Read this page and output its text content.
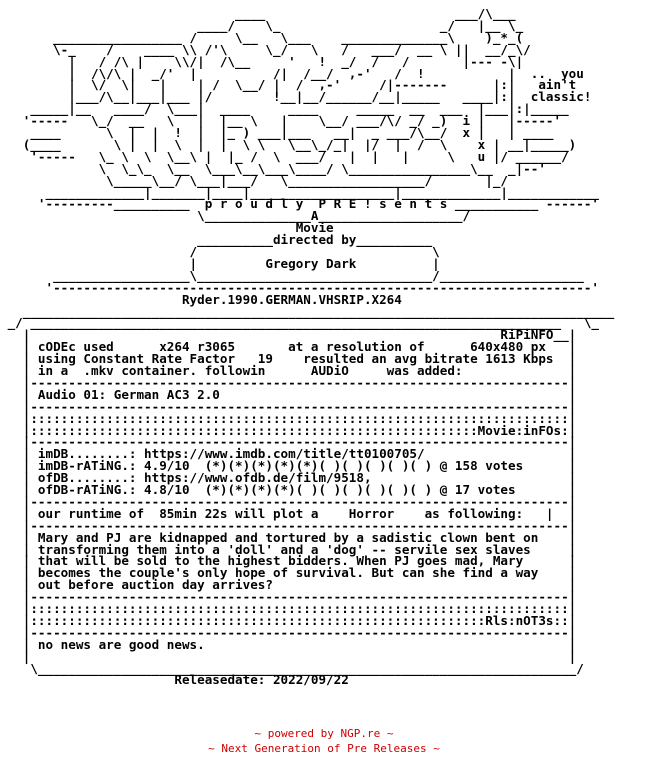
____                         ___/\___
____/    \_                     _/   |__ \_
_________________ /     \__   \___    ______________\    )_*_(
\-_    /    ____ \\ /'\     \_/   \   /   ___/  __ \ ||  __/_\/
|   / /\ |    \\/|  /\__     '   !  _/  /   /       |--- -\|
|  /\/\ |  _/'  |          /|  /__/  ,-'   /  !           |  ..  you
|  \/  \|   |    | /  \__/ |  /  ,-'     /|-------      |:|   ain't
|___/\__|___|___ |/        !__|__/______/__|_____   ____|:|  classic!
_____|__   ____/  \___|  ____     ____     _____  __  ___  |___|:|_____
'-----   \_/  __   \   |  |__ \   |    \__/ ___/\/ _/ _)  i |   |-----'
____      \  |  |  !  |  |_ ) ___|___   __|  _ ___/\__/  x |   | ____
(____       \ |  |  \  |  |  \ \   \__\_/_|  |/  |  /  \    x | __|_____)
'-----   \_ \  \  \__\ |  |_ /  \  ___/   |  |   |     \   u |/ ______/
\  \_\_  \__  \___\__\___\____/ \________________\__  _|--'
\_____\__/ \___|___/   \__________________/       |_/
_____________|_______|____|___________________|_____________|____________
'---------__________  p r o u d l y  P R E ! s e n t s ___________ ------'
\______________A___________________/
Movie
__________directed by__________
/                               \
|         Gregory Dark          |
__________________\_______________________________/___________________
'-----------------------------------------------------------------------'
Ryder.1990.GERMAN.VHSRIP.X264
______________________________________________________________________________
_/ ______________________________________________________________________   \_
|                                                              RiPiNFO__|
| cODEc used      x264 r3065       at a resolution of      640x480 px   |
| using Constant Rate Factor   19    resulted an avg bitrate 1613 Kbps  |
| in a  .mkv container. followin      AUDiO     was added:              |
|-----------------------------------------------------------------------|
| Audio 01: German AC3 2.0                                              |
|-----------------------------------------------------------------------|
|:::::::::::::::::::::::::::::::::::::::::::::::::::::::::::::::::::::::|
|:::::::::::::::::::::::::::::::::::::::::::::::::::::::::::Movie:inFOs:|
|-----------------------------------------------------------------------|
| imDB........: https://www.imdb.com/title/tt0100705/                   |
| imDB-rATiNG.: 4.9/10  (*)(*)(*)(*)(*)( )( )( )( )( ) @ 158 votes      |
| ofDB........: https://www.ofdb.de/film/9518,                          |
| ofDB-rATiNG.: 4.8/10  (*)(*)(*)(*)( )( )( )( )( )( ) @ 17 votes       |
|-----------------------------------------------------------------------|
| our runtime of  85min 22s will plot a    Horror    as following:   |  |
|-----------------------------------------------------------------------|
| Mary and PJ are kidnapped and tortured by a sadistic clown bent on    |
| transforming them into a 'doll' and a 'dog' -- servile sex slaves     |
| that will be sold to the highest bidders. When PJ goes mad, Mary      |
| becomes the couple's only hope of survival. But can she find a way    |
| out before auction day arrives?                                       |
|-----------------------------------------------------------------------|
|:::::::::::::::::::::::::::::::::::::::::::::::::::::::::::::::::::::::|
|::::::::::::::::::::::::::::::::::::::::::::::::::::::::::::Rls:nOT3s::|
|-----------------------------------------------------------------------|
| no news are good news.                                                |
|                                                                       |
\_______________________________________________________________________/
Releasedate: 2022/09/22
~ powered by NGP.re ~
~ Next Generation of Pre Releases ~
